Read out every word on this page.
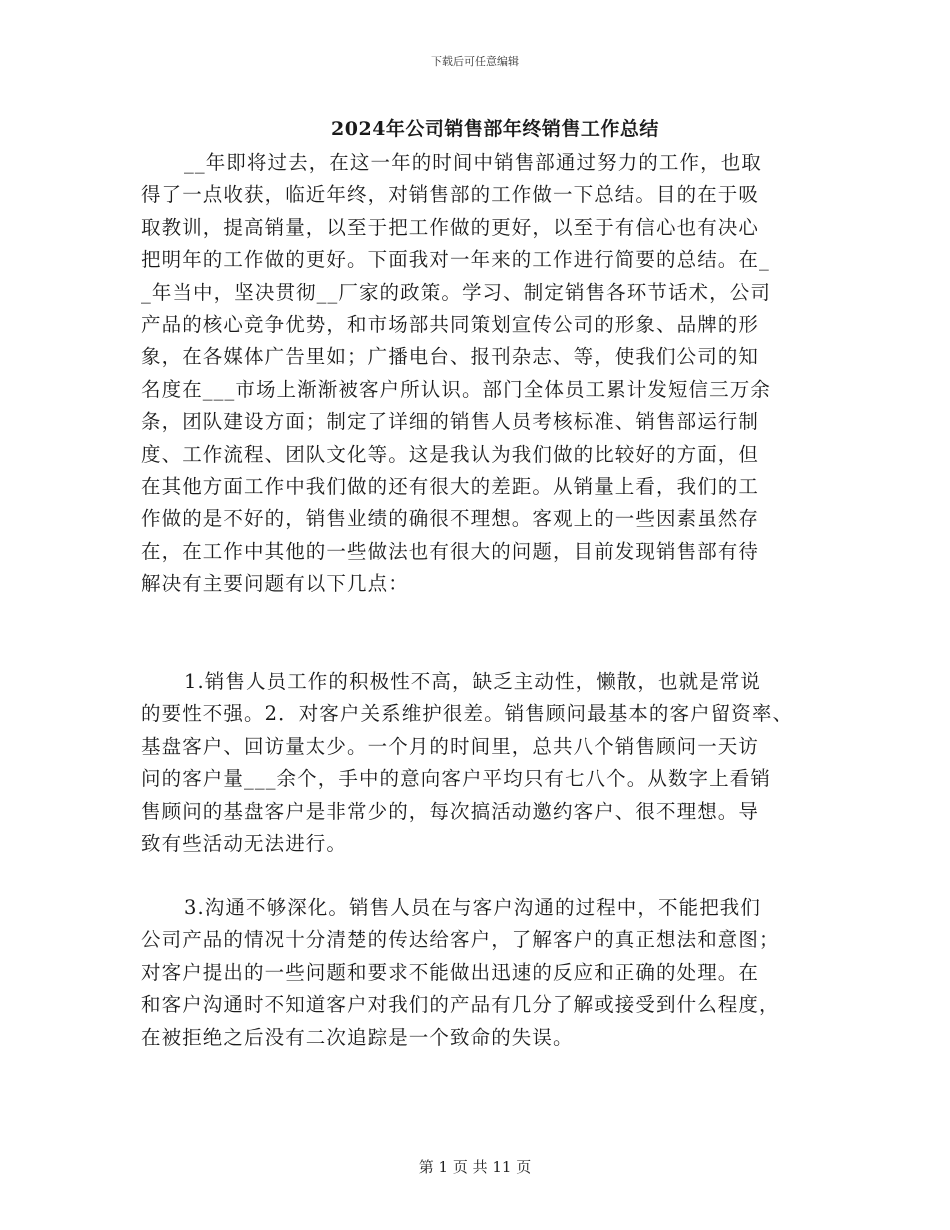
下载后可任意编辑
2024年公司销售部年终销售工作总结
__年即将过去，在这一年的时间中销售部通过努力的工作，也取
得了一点收获，临近年终，对销售部的工作做一下总结。目的在于吸
取教训，提高销量，以至于把工作做的更好，以至于有信心也有决心
把明年的工作做的更好。下面我对一年来的工作进行简要的总结。在_
_年当中，坚决贯彻__厂家的政策。学习、制定销售各环节话术，公司
产品的核心竞争优势，和市场部共同策划宣传公司的形象、品牌的形
象，在各媒体广告里如；广播电台、报刊杂志、等，使我们公司的知
名度在___市场上渐渐被客户所认识。部门全体员工累计发短信三万余
条，团队建设方面；制定了详细的销售人员考核标准、销售部运行制
度、工作流程、团队文化等。这是我认为我们做的比较好的方面，但
在其他方面工作中我们做的还有很大的差距。从销量上看，我们的工
作做的是不好的，销售业绩的确很不理想。客观上的一些因素虽然存
在，在工作中其他的一些做法也有很大的问题，目前发现销售部有待
解决有主要问题有以下几点：
1.销售人员工作的积极性不高，缺乏主动性，懒散，也就是常说
的要性不强。2．对客户关系维护很差。销售顾问最基本的客户留资率、
基盘客户、回访量太少。一个月的时间里，总共八个销售顾问一天访
问的客户量___余个，手中的意向客户平均只有七八个。从数字上看销
售顾问的基盘客户是非常少的，每次搞活动邀约客户、很不理想。导
致有些活动无法进行。
3.沟通不够深化。销售人员在与客户沟通的过程中，不能把我们
公司产品的情况十分清楚的传达给客户，了解客户的真正想法和意图；
对客户提出的一些问题和要求不能做出迅速的反应和正确的处理。在
和客户沟通时不知道客户对我们的产品有几分了解或接受到什么程度，
在被拒绝之后没有二次追踪是一个致命的失误。
第 1 页 共 11 页
